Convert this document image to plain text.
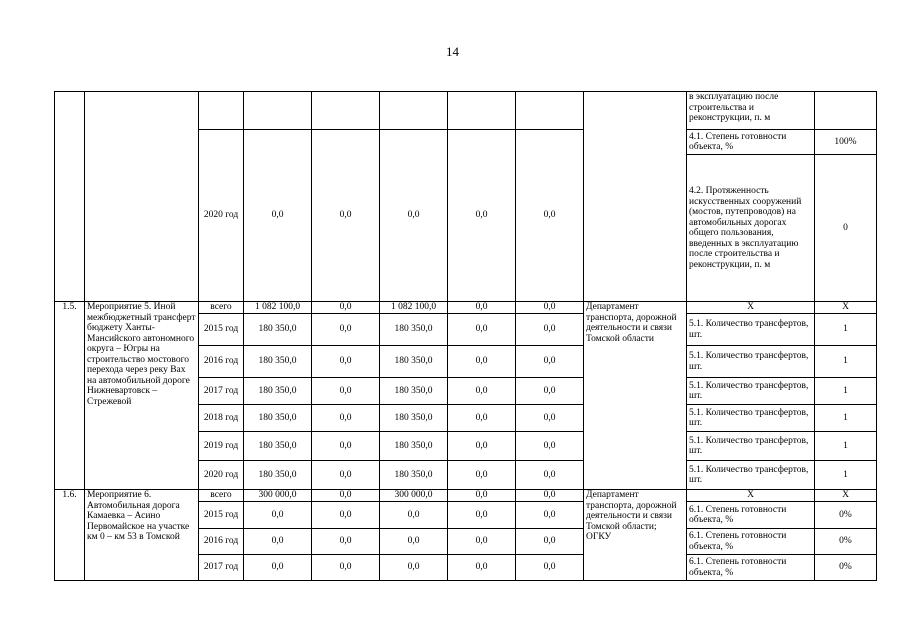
14
									в эксплуатацию после строительства и реконструкции, п. м	
		2020 год	0,0	0,0	0,0	0,0	0,0		4.1. Степень готовности объекта, %	100%
									4.2. Протяженность искусственных сооружений (мостов, путепроводов) на автомобильных дорогах общего пользования, введенных в эксплуатацию после строительства и реконструкции, п. м	0
1.5.	Мероприятие 5. Иной межбюджетный трансферт бюджету Ханты-Мансийского автономного округа – Югры на строительство мостового перехода через реку Вах на автомобильной дороге Нижневартовск – Стрежевой	всего	1 082 100,0	0,0	1 082 100,0	0,0	0,0	Департамент транспорта, дорожной деятельности и связи Томской области	Х	Х
		2015 год	180 350,0	0,0	180 350,0	0,0	0,0		5.1. Количество трансфертов, шт.	1
		2016 год	180 350,0	0,0	180 350,0	0,0	0,0		5.1. Количество трансфертов, шт.	1
		2017 год	180 350,0	0,0	180 350,0	0,0	0,0		5.1. Количество трансфертов, шт.	1
		2018 год	180 350,0	0,0	180 350,0	0,0	0,0		5.1. Количество трансфертов, шт.	1
		2019 год	180 350,0	0,0	180 350,0	0,0	0,0		5.1. Количество трансфертов, шт.	1
		2020 год	180 350,0	0,0	180 350,0	0,0	0,0		5.1. Количество трансфертов, шт.	1
1.6.	Мероприятие 6. Автомобильная дорога Камаевка – Асино Первомайское на участке км 0 – км 53 в Томской	всего	300 000,0	0,0	300 000,0	0,0	0,0	Департамент транспорта, дорожной деятельности и связи Томской области; ОГКУ	Х	Х
		2015 год	0,0	0,0	0,0	0,0	0,0		6.1. Степень готовности объекта, %	0%
		2016 год	0,0	0,0	0,0	0,0	0,0		6.1. Степень готовности объекта, %	0%
		2017 год	0,0	0,0	0,0	0,0	0,0		6.1. Степень готовности объекта, %	0%
